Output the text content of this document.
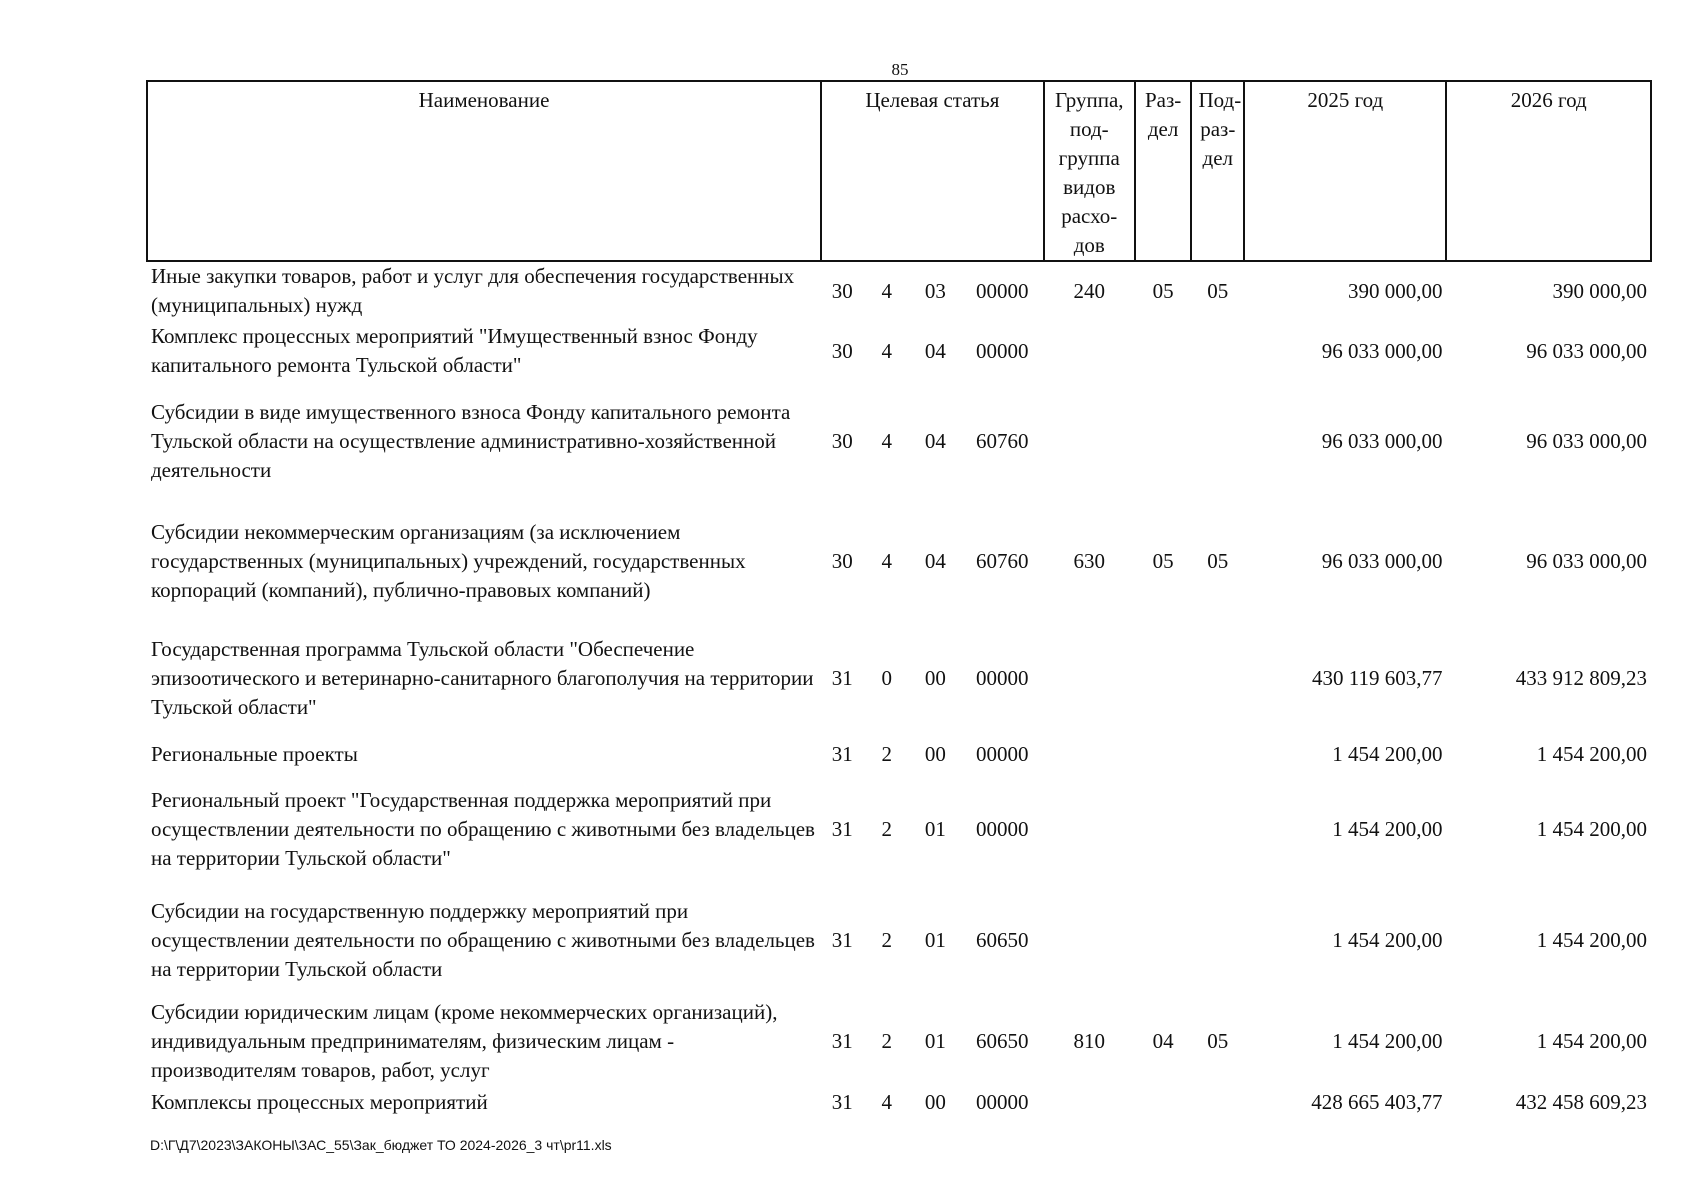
85
Наименование	Целевая статья				Группа, под-группа видов расхо-дов	Раз-дел	Под-раз-дел	2025 год	2026 год
Иные закупки товаров, работ и услуг для обеспечения государственных (муниципальных) нужд	30	4	03	00000	240	05	05	390 000,00	390 000,00
Комплекс процессных мероприятий "Имущественный взнос Фонду капитального ремонта Тульской области"	30	4	04	00000				96 033 000,00	96 033 000,00
Субсидии в виде имущественного взноса Фонду капитального ремонта Тульской области на осуществление административно-хозяйственной деятельности	30	4	04	60760				96 033 000,00	96 033 000,00
Субсидии некоммерческим организациям (за исключением государственных (муниципальных) учреждений, государственных корпораций (компаний), публично-правовых компаний)	30	4	04	60760	630	05	05	96 033 000,00	96 033 000,00
Государственная программа Тульской области "Обеспечение эпизоотического и ветеринарно-санитарного благополучия на территории Тульской области"	31	0	00	00000				430 119 603,77	433 912 809,23
Региональные проекты	31	2	00	00000				1 454 200,00	1 454 200,00
Региональный проект "Государственная поддержка мероприятий при осуществлении деятельности по обращению с животными без владельцев на территории Тульской области"	31	2	01	00000				1 454 200,00	1 454 200,00
Субсидии на государственную поддержку мероприятий при осуществлении деятельности по обращению с животными без владельцев на территории Тульской области	31	2	01	60650				1 454 200,00	1 454 200,00
Субсидии юридическим лицам (кроме некоммерческих организаций), индивидуальным предпринимателям, физическим лицам - производителям товаров, работ, услуг	31	2	01	60650	810	04	05	1 454 200,00	1 454 200,00
Комплексы процессных мероприятий	31	4	00	00000				428 665 403,77	432 458 609,23
D:\Г\Д7\2023\ЗАКОНЫ\ЗАС_55\Зак_бюджет ТО 2024-2026_3 чт\pr11.xls
